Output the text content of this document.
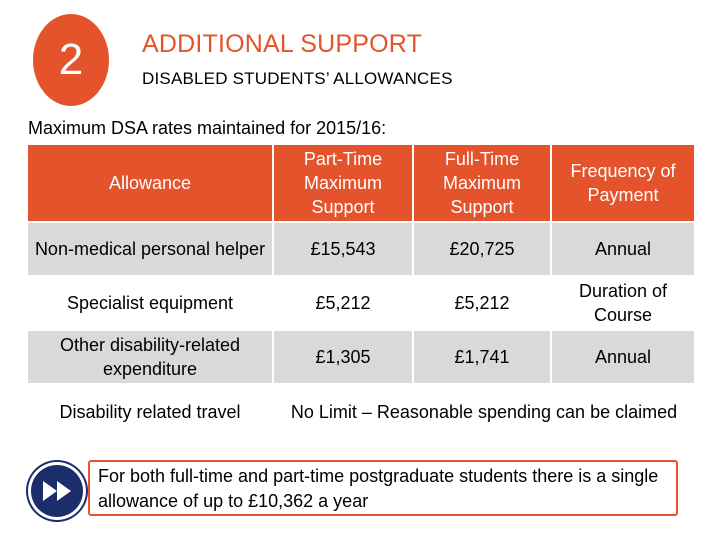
2 ADDITIONAL SUPPORT
DISABLED STUDENTS’ ALLOWANCES
Maximum DSA rates maintained for 2015/16:
Allowance	Part-Time Maximum Support	Full-Time Maximum Support	Frequency of Payment
Non-medical personal helper	£15,543	£20,725	Annual
Specialist equipment	£5,212	£5,212	Duration of Course
Other disability-related expenditure	£1,305	£1,741	Annual
Disability related travel	No Limit – Reasonable spending can be claimed		
For both full-time and part-time postgraduate students there is a single allowance of up to £10,362 a year
